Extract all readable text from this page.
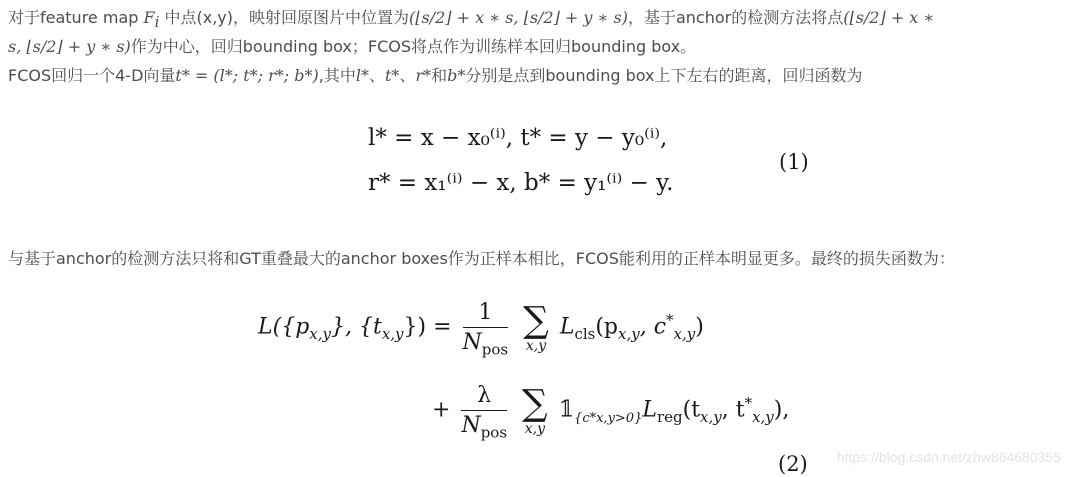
对于feature map $F_i$ 中点(x,y)，映射回原图片中位置为(⌊s/2⌋ + x ∗ s, ⌊s/2⌋ + y ∗ s)，基于anchor的检测方法将点(⌊s/2⌋ + x ∗
s, ⌊s/2⌋ + y ∗ s)作为中心，回归bounding box；FCOS将点作为训练样本回归bounding box。
FCOS回归一个4-D向量t* = (l*; t*; r*; b*),其中l*、t*、r*和b*分别是点到bounding box上下左右的距离，回归函数为
l* = x − x₀⁽ⁱ⁾, t* = y − y₀⁽ⁱ⁾,
r* = x₁⁽ⁱ⁾ − x, b* = y₁⁽ⁱ⁾ − y.
(1)
与基于anchor的检测方法只将和GT重叠最大的anchor boxes作为正样本相比，FCOS能利用的正样本明显更多。最终的损失函数为：
$L(\{p_{x,y}\}$, $\{t_{x,y}\}) = \frac{1}{N_{pos}}$
∑
x,y
$L_{cls}(p_{x,y}$, $c^*_{x,y}$)
+ $\frac{\lambda}{N_{pos}}$
∑
x,y
$𝟙_{\{c*x,y>0\}}L_{reg}(t_{x,y}$, $t^*_{x,y}$),
(2) https://blog.csdn.net/zhw864680355
